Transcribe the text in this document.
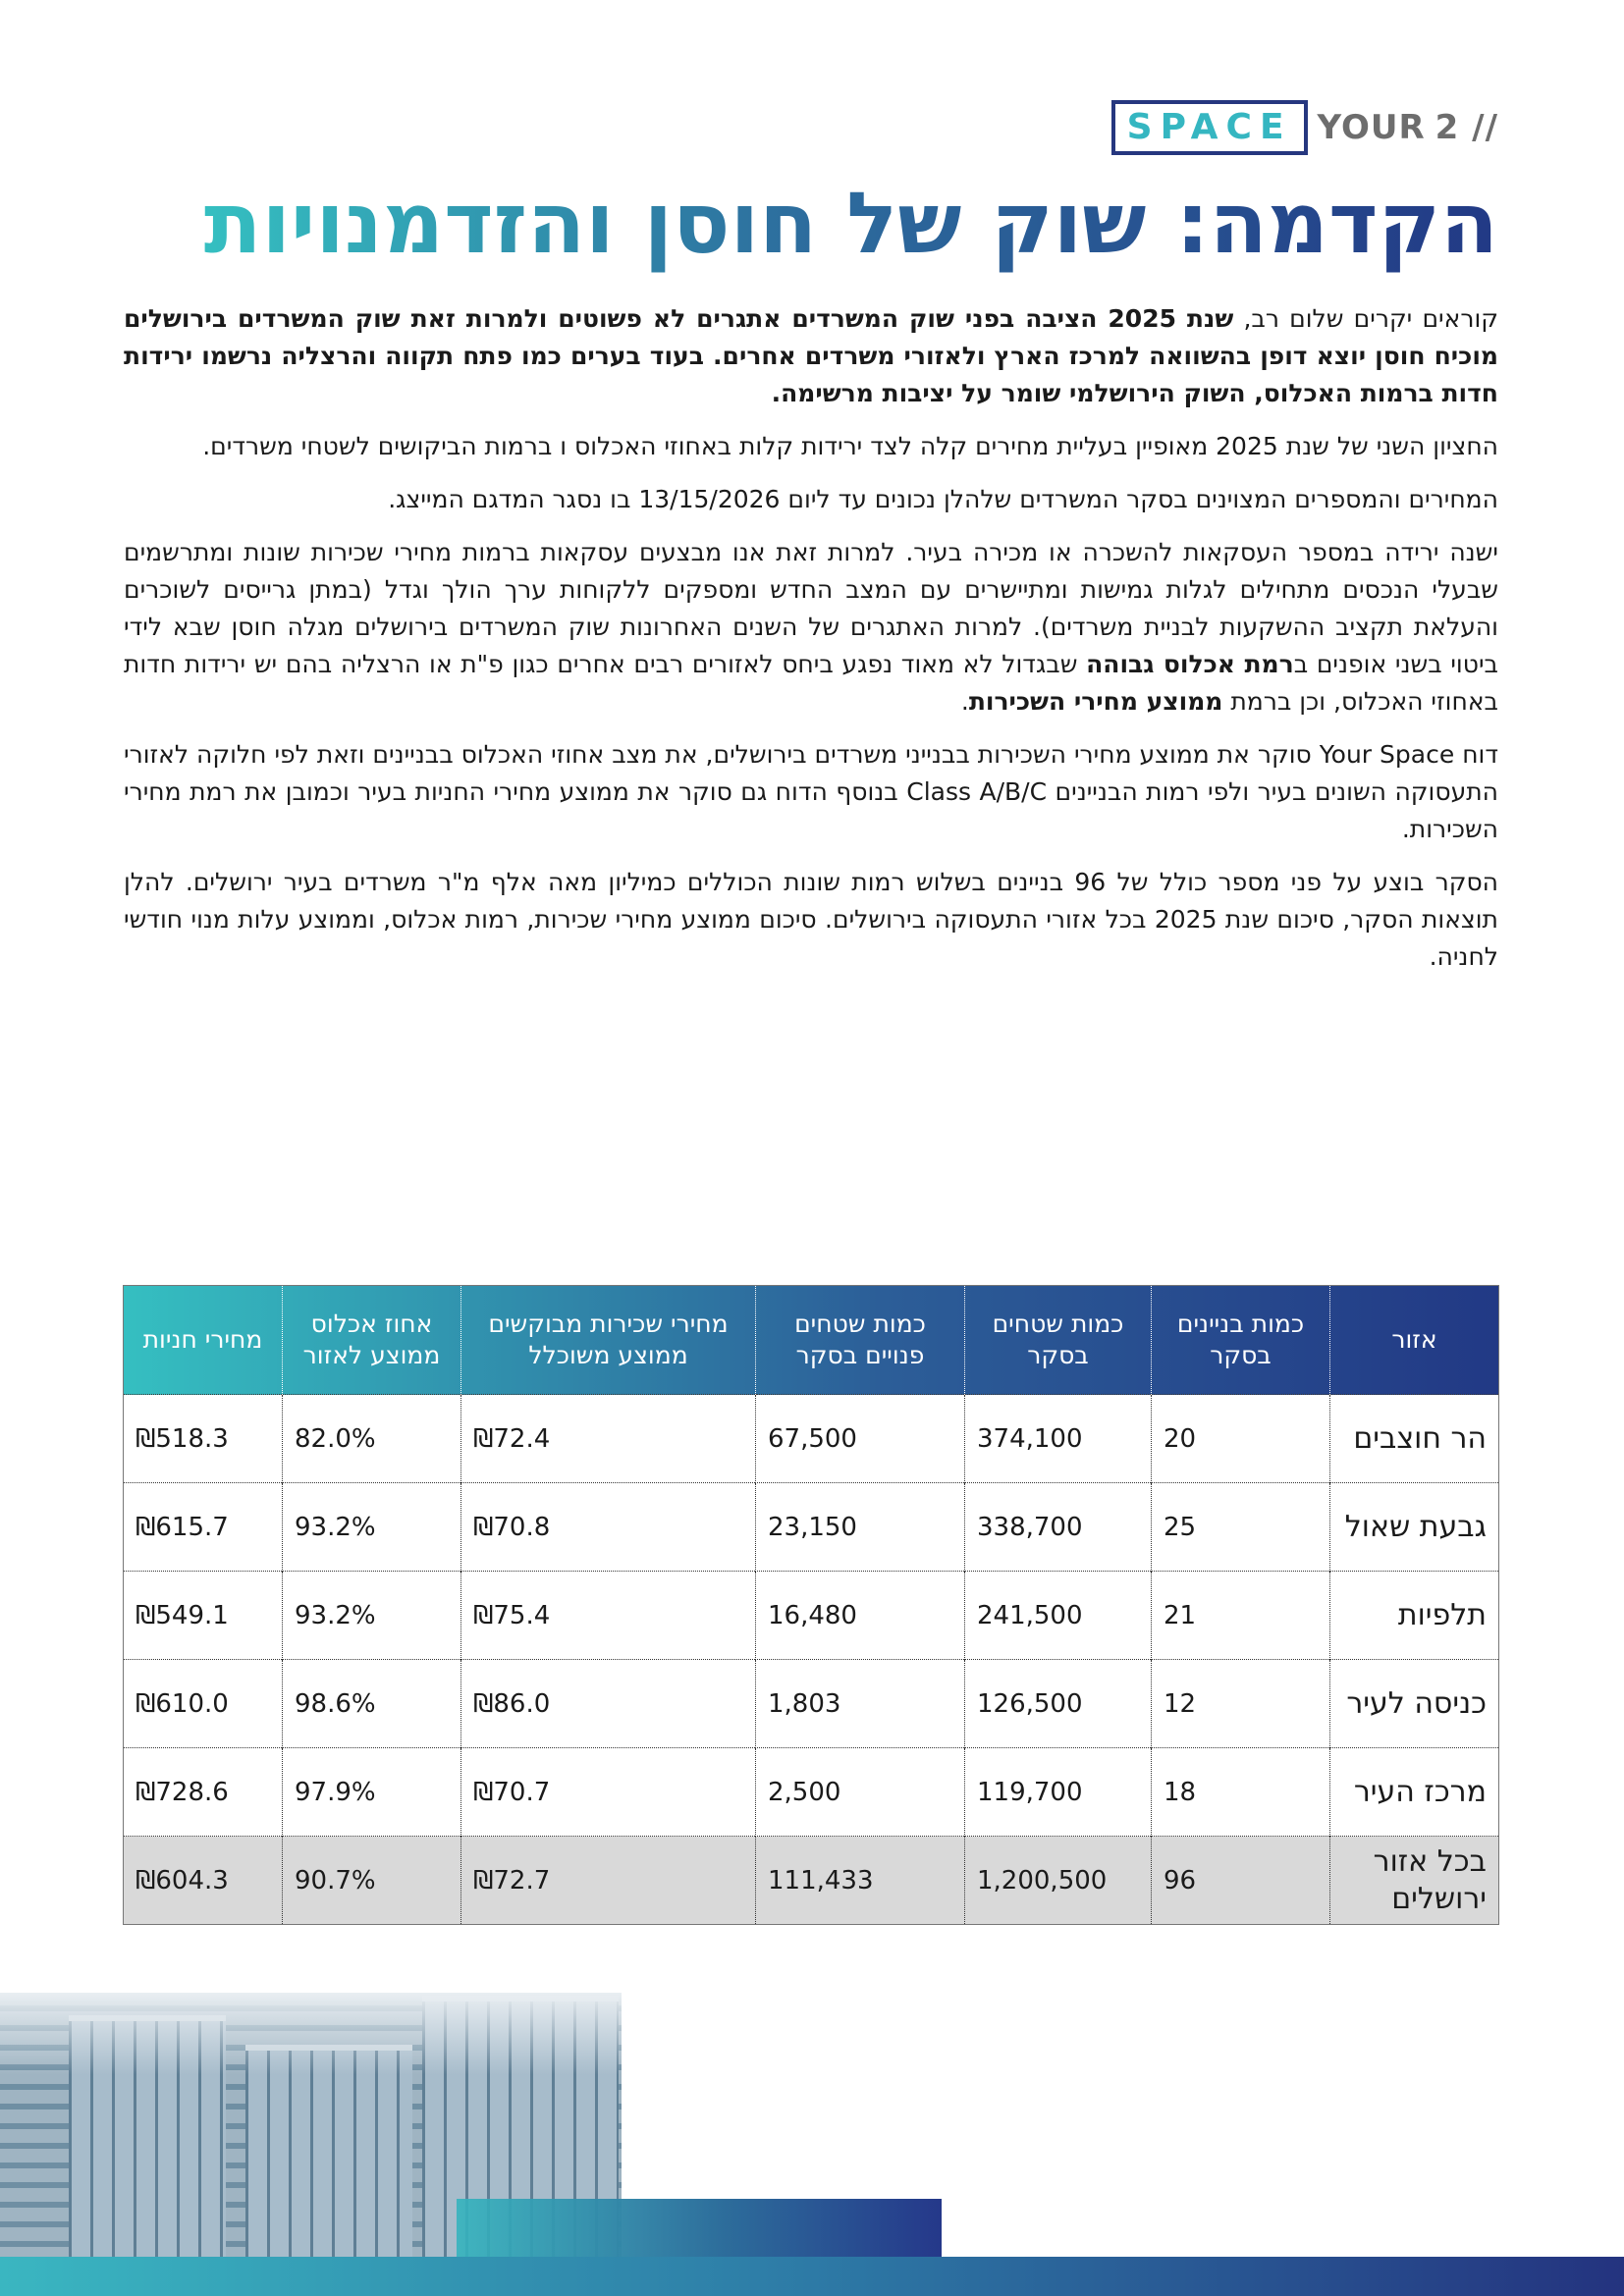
2 //
YOUR
SPACE
הקדמה: שוק של חוסן והזדמנויות

קוראים יקרים שלום רב, שנת 2025 הציבה בפני שוק המשרדים אתגרים לא פשוטים ולמרות זאת שוק המשרדים בירושלים מוכיח חוסן יוצא דופן בהשוואה למרכז הארץ ולאזורי משרדים אחרים. בעוד בערים כמו פתח תקווה והרצליה נרשמו ירידות חדות ברמות האכלוס, השוק הירושלמי שומר על יציבות מרשימה.

החציון השני של שנת 2025 מאופיין בעליית מחירים קלה לצד ירידות קלות באחוזי האכלוס ו ברמות הביקושים לשטחי משרדים.

המחירים והמספרים המצוינים בסקר המשרדים שלהלן נכונים עד ליום 13/15/2026 בו נסגר המדגם המייצג.

ישנה ירידה במספר העסקאות להשכרה או מכירה בעיר. למרות זאת אנו מבצעים עסקאות ברמות מחירי שכירות שונות ומתרשמים שבעלי הנכסים מתחילים לגלות גמישות ומתיישרים עם המצב החדש ומספקים ללקוחות ערך הולך וגדל (במתן גרייסים לשוכרים והעלאת תקציב ההשקעות לבניית משרדים). למרות האתגרים של השנים האחרונות שוק המשרדים בירושלים מגלה חוסן שבא לידי ביטוי בשני אופנים ברמת אכלוס גבוהה שבגדול לא מאוד נפגע ביחס לאזורים רבים אחרים כגון פ"ת או הרצליה בהם יש ירידות חדות באחוזי האכלוס, וכן ברמת ממוצע מחירי השכירות.

דוח Your Space סוקר את ממוצע מחירי השכירות בבנייני משרדים בירושלים, את מצב אחוזי האכלוס בבניינים וזאת לפי חלוקה לאזורי התעסוקה השונים בעיר ולפי רמות הבניינים Class A/B/C בנוסף הדוח גם סוקר את ממוצע מחירי החניות בעיר וכמובן את רמת מחירי השכירות.

הסקר בוצע על פני מספר כולל של 96 בניינים בשלוש רמות שונות הכוללים כמיליון מאה אלף מ"ר משרדים בעיר ירושלים. להלן תוצאות הסקר, סיכום שנת 2025 בכל אזורי התעסוקה בירושלים. סיכום ממוצע מחירי שכירות, רמות אכלוס, וממוצע עלות מנוי חודשי לחניה.

אזור	כמות בניינים בסקר	כמות שטחים בסקר	כמות שטחים פנויים בסקר	מחירי שכירות מבוקשים ממוצע משוכלל	אחוז אכלוס ממוצע לאזור	מחירי חניות
הר חוצבים	20	374,100	67,500	₪72.4	82.0%	₪518.3
גבעת שאול	25	338,700	23,150	₪70.8	93.2%	₪615.7
תלפיות	21	241,500	16,480	₪75.4	93.2%	₪549.1
כניסה לעיר	12	126,500	1,803	₪86.0	98.6%	₪610.0
מרכז העיר	18	119,700	2,500	₪70.7	97.9%	₪728.6
בכל אזור ירושלים	96	1,200,500	111,433	₪72.7	90.7%	₪604.3
